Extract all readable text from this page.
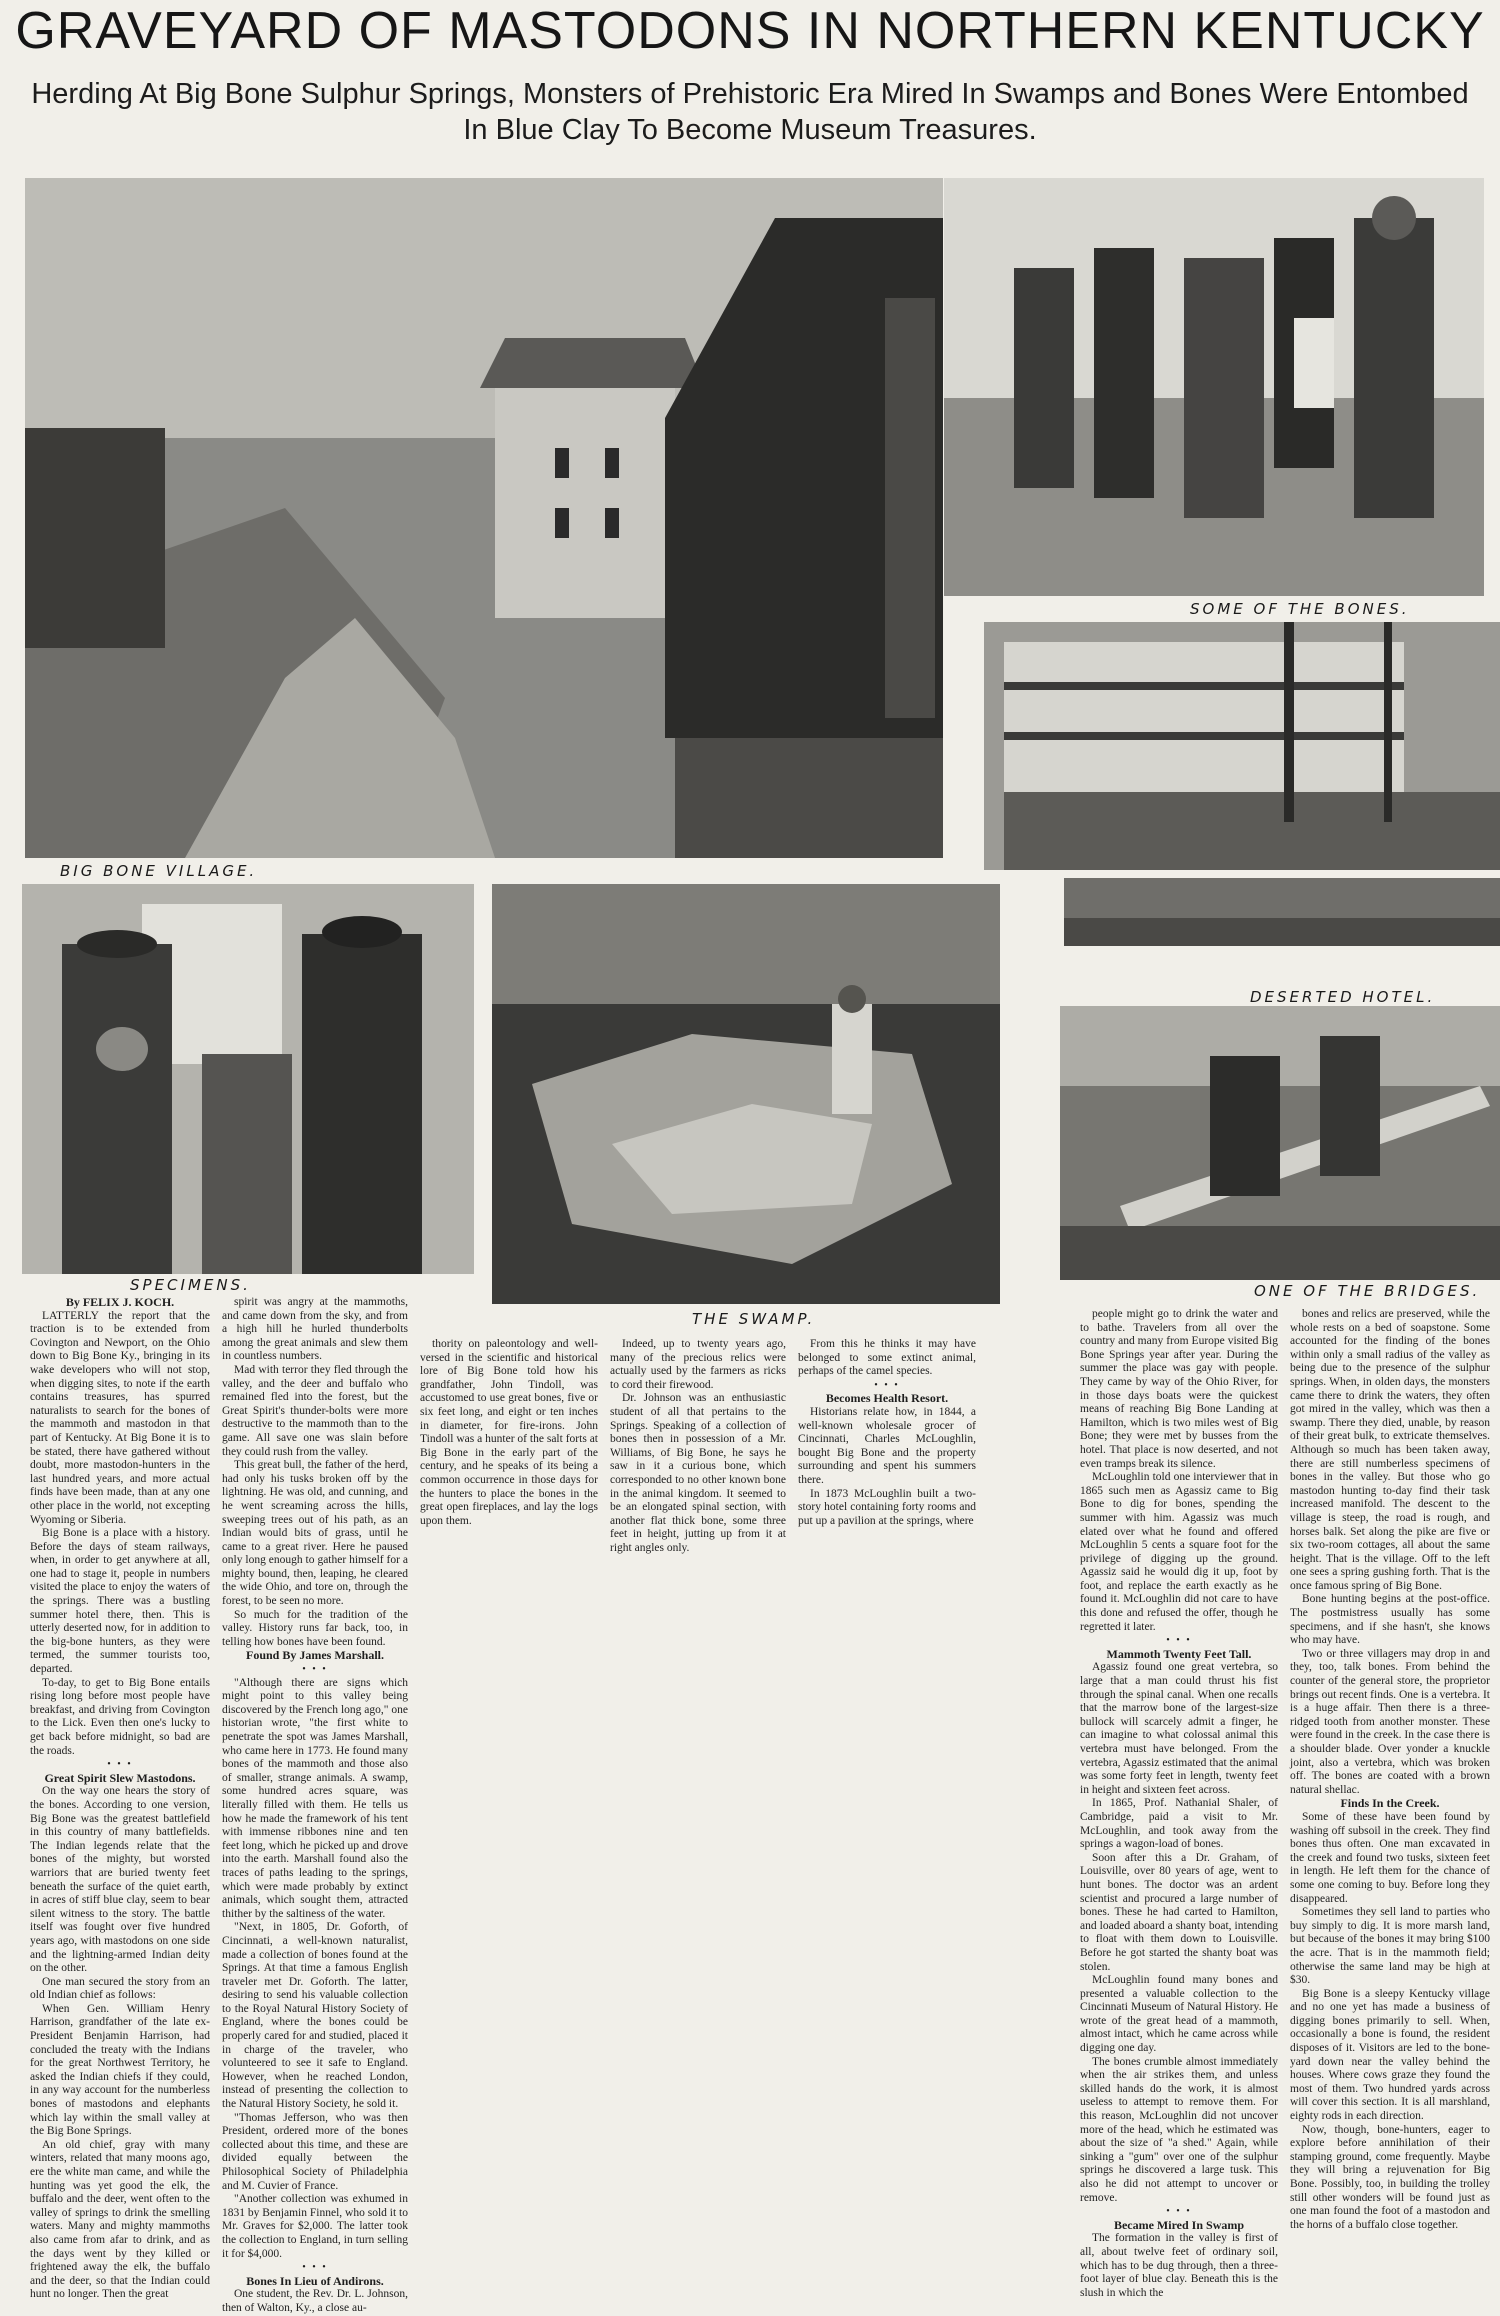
GRAVEYARD OF MASTODONS IN NORTHERN KENTUCKY
Herding At Big Bone Sulphur Springs, Monsters of Prehistoric Era Mired In Swamps and Bones Were Entombed In Blue Clay To Become Museum Treasures.
BIG BONE VILLAGE.
SOME OF THE BONES.
DESERTED HOTEL.
SPECIMENS.
THE SWAMP.
ONE OF THE BRIDGES.

By FELIX J. KOCH.

LATTERLY the report that the traction is to be extended from Covington and Newport, on the Ohio down to Big Bone Ky., bringing in its wake developers who will not stop, when digging sites, to note if the earth contains treasures, has spurred naturalists to search for the bones of the mammoth and mastodon in that part of Kentucky. At Big Bone it is to be stated, there have gathered without doubt, more mastodon-hunters in the last hundred years, and more actual finds have been made, than at any one other place in the world, not excepting Wyoming or Siberia.

Big Bone is a place with a history. Before the days of steam railways, when, in order to get anywhere at all, one had to stage it, people in numbers visited the place to enjoy the waters of the springs. There was a bustling summer hotel there, then. This is utterly deserted now, for in addition to the big-bone hunters, as they were termed, the summer tourists too, departed.

To-day, to get to Big Bone entails rising long before most people have breakfast, and driving from Covington to the Lick. Even then one's lucky to get back before midnight, so bad are the roads.

• • •

Great Spirit Slew Mastodons.

On the way one hears the story of the bones. According to one version, Big Bone was the greatest battlefield in this country of many battlefields. The Indian legends relate that the bones of the mighty, but worsted warriors that are buried twenty feet beneath the surface of the quiet earth, in acres of stiff blue clay, seem to bear silent witness to the story. The battle itself was fought over five hundred years ago, with mastodons on one side and the lightning-armed Indian deity on the other.

One man secured the story from an old Indian chief as follows:

When Gen. William Henry Harrison, grandfather of the late ex-President Benjamin Harrison, had concluded the treaty with the Indians for the great Northwest Territory, he asked the Indian chiefs if they could, in any way account for the numberless bones of mastodons and elephants which lay within the small valley at the Big Bone Springs.

An old chief, gray with many winters, related that many moons ago, ere the white man came, and while the hunting was yet good the elk, the buffalo and the deer, went often to the valley of springs to drink the smelling waters. Many and mighty mammoths also came from afar to drink, and as the days went by they killed or frightened away the elk, the buffalo and the deer, so that the Indian could hunt no longer. Then the great

spirit was angry at the mammoths, and came down from the sky, and from a high hill he hurled thunderbolts among the great animals and slew them in countless numbers.

Mad with terror they fled through the valley, and the deer and buffalo who remained fled into the forest, but the Great Spirit's thunder-bolts were more destructive to the mammoth than to the game. All save one was slain before they could rush from the valley.

This great bull, the father of the herd, had only his tusks broken off by the lightning. He was old, and cunning, and he went screaming across the hills, sweeping trees out of his path, as an Indian would bits of grass, until he came to a great river. Here he paused only long enough to gather himself for a mighty bound, then, leaping, he cleared the wide Ohio, and tore on, through the forest, to be seen no more.

So much for the tradition of the valley. History runs far back, too, in telling how bones have been found.

Found By James Marshall.

• • •

"Although there are signs which might point to this valley being discovered by the French long ago," one historian wrote, "the first white to penetrate the spot was James Marshall, who came here in 1773. He found many bones of the mammoth and those also of smaller, strange animals. A swamp, some hundred acres square, was literally filled with them. He tells us how he made the framework of his tent with immense ribbones nine and ten feet long, which he picked up and drove into the earth. Marshall found also the traces of paths leading to the springs, which were made probably by extinct animals, which sought them, attracted thither by the saltiness of the water.

"Next, in 1805, Dr. Goforth, of Cincinnati, a well-known naturalist, made a collection of bones found at the Springs. At that time a famous English traveler met Dr. Goforth. The latter, desiring to send his valuable collection to the Royal Natural History Society of England, where the bones could be properly cared for and studied, placed it in charge of the traveler, who volunteered to see it safe to England. However, when he reached London, instead of presenting the collection to the Natural History Society, he sold it.

"Thomas Jefferson, who was then President, ordered more of the bones collected about this time, and these are divided equally between the Philosophical Society of Philadelphia and M. Cuvier of France.

"Another collection was exhumed in 1831 by Benjamin Finnel, who sold it to Mr. Graves for $2,000. The latter took the collection to England, in turn selling it for $4,000.

• • •

Bones In Lieu of Andirons.

One student, the Rev. Dr. L. Johnson, then of Walton, Ky., a close au-

thority on paleontology and well-versed in the scientific and historical lore of Big Bone told how his grandfather, John Tindoll, was accustomed to use great bones, five or six feet long, and eight or ten inches in diameter, for fire-irons. John Tindoll was a hunter of the salt forts at Big Bone in the early part of the century, and he speaks of its being a common occurrence in those days for the hunters to place the bones in the great open fireplaces, and lay the logs upon them.

Indeed, up to twenty years ago, many of the precious relics were actually used by the farmers as ricks to cord their firewood.

Dr. Johnson was an enthusiastic student of all that pertains to the Springs. Speaking of a collection of bones then in possession of a Mr. Williams, of Big Bone, he says he saw in it a curious bone, which corresponded to no other known bone in the animal kingdom. It seemed to be an elongated spinal section, with another flat thick bone, some three feet in height, jutting up from it at right angles only.

From this he thinks it may have belonged to some extinct animal, perhaps of the camel species.

• • •

Becomes Health Resort.

Historians relate how, in 1844, a well-known wholesale grocer of Cincinnati, Charles McLoughlin, bought Big Bone and the property surrounding and spent his summers there.

In 1873 McLoughlin built a two-story hotel containing forty rooms and put up a pavilion at the springs, where

people might go to drink the water and to bathe. Travelers from all over the country and many from Europe visited Big Bone Springs year after year. During the summer the place was gay with people. They came by way of the Ohio River, for in those days boats were the quickest means of reaching Big Bone Landing at Hamilton, which is two miles west of Big Bone; they were met by busses from the hotel. That place is now deserted, and not even tramps break its silence.

McLoughlin told one interviewer that in 1865 such men as Agassiz came to Big Bone to dig for bones, spending the summer with him. Agassiz was much elated over what he found and offered McLoughlin 5 cents a square foot for the privilege of digging up the ground. Agassiz said he would dig it up, foot by foot, and replace the earth exactly as he found it. McLoughlin did not care to have this done and refused the offer, though he regretted it later.

• • •

Mammoth Twenty Feet Tall.

Agassiz found one great vertebra, so large that a man could thrust his fist through the spinal canal. When one recalls that the marrow bone of the largest-size bullock will scarcely admit a finger, he can imagine to what colossal animal this vertebra must have belonged. From the vertebra, Agassiz estimated that the animal was some forty feet in length, twenty feet in height and sixteen feet across.

In 1865, Prof. Nathanial Shaler, of Cambridge, paid a visit to Mr. McLoughlin, and took away from the springs a wagon-load of bones.

Soon after this a Dr. Graham, of Louisville, over 80 years of age, went to hunt bones. The doctor was an ardent scientist and procured a large number of bones. These he had carted to Hamilton, and loaded aboard a shanty boat, intending to float with them down to Louisville. Before he got started the shanty boat was stolen.

McLoughlin found many bones and presented a valuable collection to the Cincinnati Museum of Natural History. He wrote of the great head of a mammoth, almost intact, which he came across while digging one day.

The bones crumble almost immediately when the air strikes them, and unless skilled hands do the work, it is almost useless to attempt to remove them. For this reason, McLoughlin did not uncover more of the head, which he estimated was about the size of "a shed." Again, while sinking a "gum" over one of the sulphur springs he discovered a large tusk. This also he did not attempt to uncover or remove.

• • •

Became Mired In Swamp

The formation in the valley is first of all, about twelve feet of ordinary soil, which has to be dug through, then a three-foot layer of blue clay. Beneath this is the slush in which the

bones and relics are preserved, while the whole rests on a bed of soapstone. Some accounted for the finding of the bones within only a small radius of the valley as being due to the presence of the sulphur springs. When, in olden days, the monsters came there to drink the waters, they often got mired in the valley, which was then a swamp. There they died, unable, by reason of their great bulk, to extricate themselves. Although so much has been taken away, there are still numberless specimens of bones in the valley. But those who go mastodon hunting to-day find their task increased manifold. The descent to the village is steep, the road is rough, and horses balk. Set along the pike are five or six two-room cottages, all about the same height. That is the village. Off to the left one sees a spring gushing forth. That is the once famous spring of Big Bone.

Bone hunting begins at the post-office. The postmistress usually has some specimens, and if she hasn't, she knows who may have.

Two or three villagers may drop in and they, too, talk bones. From behind the counter of the general store, the proprietor brings out recent finds. One is a vertebra. It is a huge affair. Then there is a three-ridged tooth from another monster. These were found in the creek. In the case there is a shoulder blade. Over yonder a knuckle joint, also a vertebra, which was broken off. The bones are coated with a brown natural shellac.

Finds In the Creek.

Some of these have been found by washing off subsoil in the creek. They find bones thus often. One man excavated in the creek and found two tusks, sixteen feet in length. He left them for the chance of some one coming to buy. Before long they disappeared.

Sometimes they sell land to parties who buy simply to dig. It is more marsh land, but because of the bones it may bring $100 the acre. That is in the mammoth field; otherwise the same land may be high at $30.

Big Bone is a sleepy Kentucky village and no one yet has made a business of digging bones primarily to sell. When, occasionally a bone is found, the resident disposes of it. Visitors are led to the bone-yard down near the valley behind the houses. Where cows graze they found the most of them. Two hundred yards across will cover this section. It is all marshland, eighty rods in each direction.

Now, though, bone-hunters, eager to explore before annihilation of their stamping ground, come frequently. Maybe they will bring a rejuvenation for Big Bone. Possibly, too, in building the trolley still other wonders will be found just as one man found the foot of a mastodon and the horns of a buffalo close together.
